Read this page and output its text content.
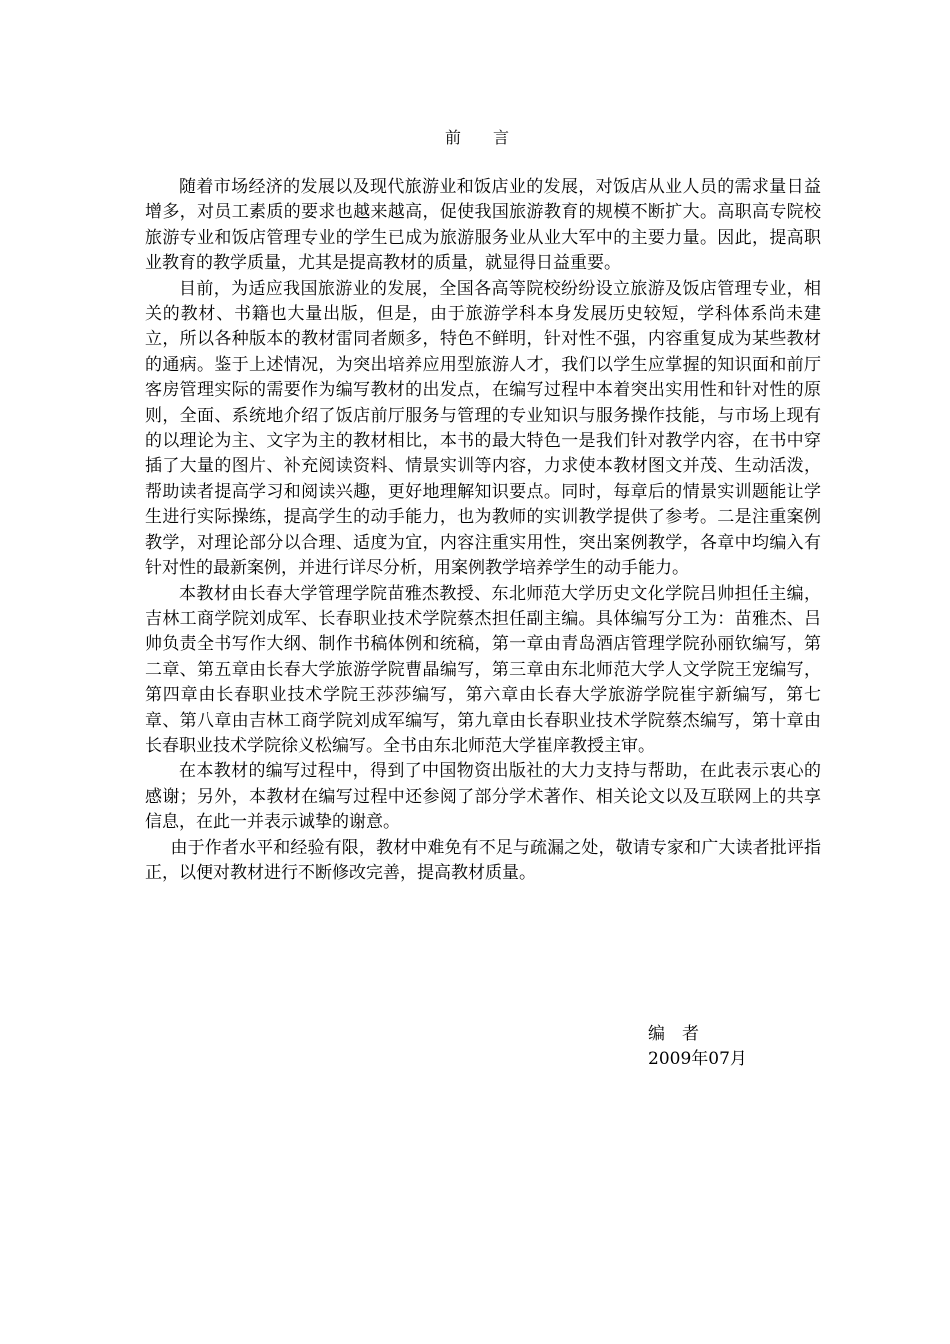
前言

随着市场经济的发展以及现代旅游业和饭店业的发展，对饭店从业人员的需求量日益增多，对员工素质的要求也越来越高，促使我国旅游教育的规模不断扩大。高职高专院校旅游专业和饭店管理专业的学生已成为旅游服务业从业大军中的主要力量。因此，提高职业教育的教学质量，尤其是提高教材的质量，就显得日益重要。

目前，为适应我国旅游业的发展，全国各高等院校纷纷设立旅游及饭店管理专业，相关的教材、书籍也大量出版，但是，由于旅游学科本身发展历史较短，学科体系尚未建立，所以各种版本的教材雷同者颇多，特色不鲜明，针对性不强，内容重复成为某些教材的通病。鉴于上述情况，为突出培养应用型旅游人才，我们以学生应掌握的知识面和前厅客房管理实际的需要作为编写教材的出发点，在编写过程中本着突出实用性和针对性的原则，全面、系统地介绍了饭店前厅服务与管理的专业知识与服务操作技能，与市场上现有的以理论为主、文字为主的教材相比，本书的最大特色一是我们针对教学内容，在书中穿插了大量的图片、补充阅读资料、情景实训等内容，力求使本教材图文并茂、生动活泼，帮助读者提高学习和阅读兴趣，更好地理解知识要点。同时，每章后的情景实训题能让学生进行实际操练，提高学生的动手能力，也为教师的实训教学提供了参考。二是注重案例教学，对理论部分以合理、适度为宜，内容注重实用性，突出案例教学，各章中均编入有针对性的最新案例，并进行详尽分析，用案例教学培养学生的动手能力。

本教材由长春大学管理学院苗雅杰教授、东北师范大学历史文化学院吕帅担任主编，吉林工商学院刘成军、长春职业技术学院蔡杰担任副主编。具体编写分工为：苗雅杰、吕帅负责全书写作大纲、制作书稿体例和统稿，第一章由青岛酒店管理学院孙丽钦编写，第二章、第五章由长春大学旅游学院曹晶编写，第三章由东北师范大学人文学院王宠编写，第四章由长春职业技术学院王莎莎编写，第六章由长春大学旅游学院崔宇新编写，第七章、第八章由吉林工商学院刘成军编写，第九章由长春职业技术学院蔡杰编写，第十章由长春职业技术学院徐义松编写。全书由东北师范大学崔庠教授主审。

在本教材的编写过程中，得到了中国物资出版社的大力支持与帮助，在此表示衷心的感谢；另外，本教材在编写过程中还参阅了部分学术著作、相关论文以及互联网上的共享信息，在此一并表示诚挚的谢意。

由于作者水平和经验有限，教材中难免有不足与疏漏之处，敬请专家和广大读者批评指正，以便对教材进行不断修改完善，提高教材质量。

编者
2009年07月
